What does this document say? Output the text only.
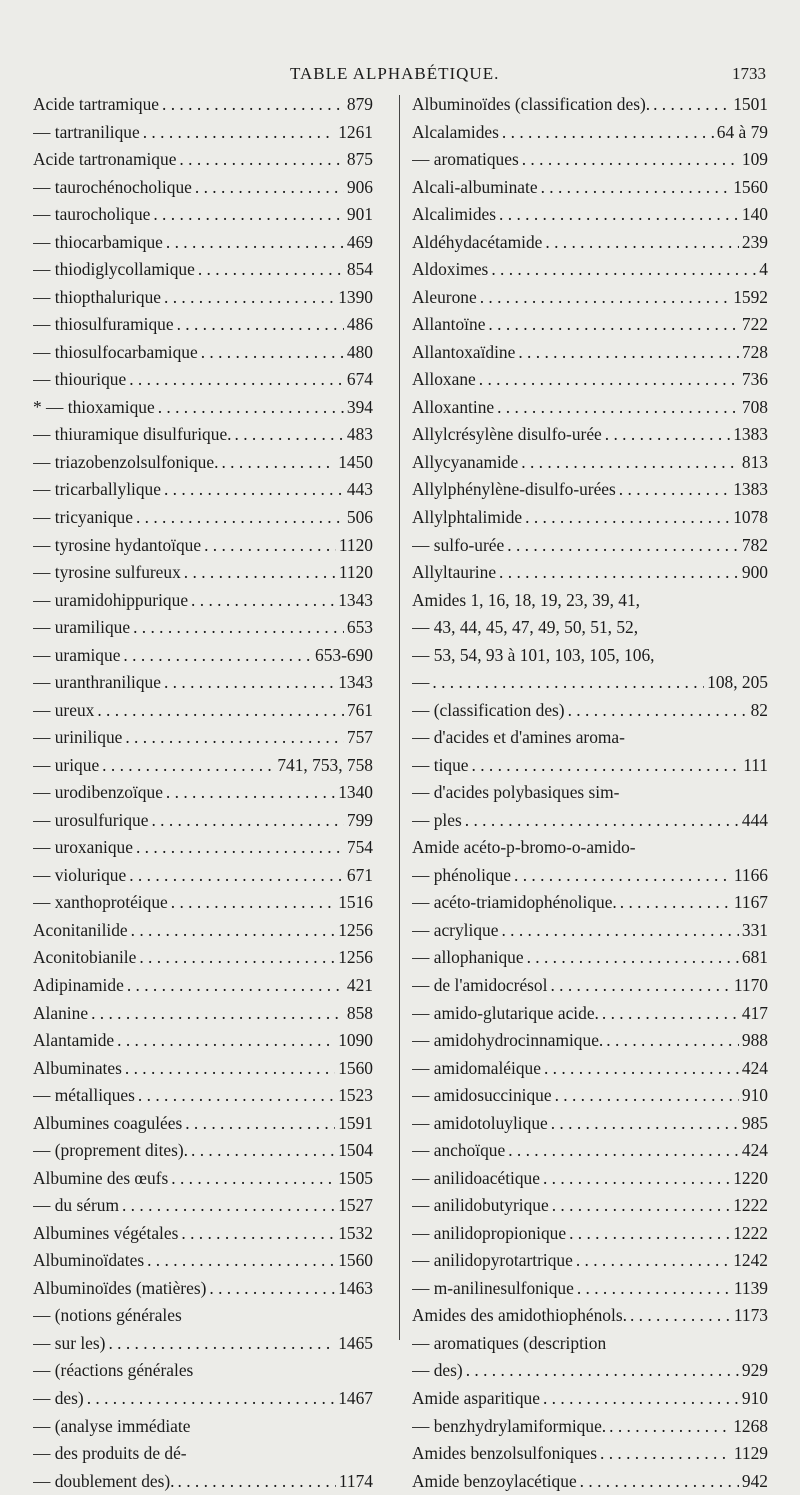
TABLE ALPHABÉTIQUE.	1733
Acide tartramique . . .	879
— tartranilique . . .	1261
Acide tartronamique . . .	875
— taurochénocholique . . .	906
— taurocholique . . .	901
— thiocarbamique . . .	469
— thiodiglycollamique . . .	854
— thiopthalurique . . .	1390
— thiosulfuramique . . .	486
— thiosulfocarbamique . . .	480
— thiourique . . .	674
* — thioxamique . . .	394
— thiuramique disulfurique. . . .	483
— triazobenzolsulfonique. . . .	1450
— tricarballylique . . .	443
— tricyanique . . .	506
— tyrosine hydantoïque . . .	1120
— tyrosine sulfureux . . .	1120
— uramidohippurique . . .	1343
— uramilique . . .	653
— uramique . . .	653-690
— uranthranilique . . .	1343
— ureux . . .	761
— urinilique . . .	757
— urique . . .	741, 753, 758
— urodibenzoïque . . .	1340
— urosulfurique . . .	799
— uroxanique . . .	754
— violurique . . .	671
— xanthoprotéique . . .	1516
Aconitanilide . . .	1256
Aconitobianile . . .	1256
Adipinamide . . .	421
Alanine . . .	858
Alantamide . . .	1090
Albuminates . . .	1560
— métalliques . . .	1523
Albumines coagulées . . .	1591
— (proprement dites). . . .	1504
Albumine des œufs . . .	1505
— du sérum . . .	1527
Albumines végétales . . .	1532
Albuminoïdates . . .	1560
Albuminoïdes (matières) . . .	1463
— (notions générales
— sur les) . . .	1465
— (réactions générales
— des) . . .	1467
— (analyse immédiate
— des produits de dé-
— doublement des). . . .	1174
Albuminoïdes (classification des). . . .	1501
Alcalamides . . .	64 à 79
— aromatiques . . .	109
Alcali-albuminate . . .	1560
Alcalimides . . .	140
Aldéhydacétamide . . .	239
Aldoximes . . .	4
Aleurone . . .	1592
Allantoïne . . .	722
Allantoxaïdine . . .	728
Alloxane . . .	736
Alloxantine . . .	708
Allylcrésylène disulfo-urée . . .	1383
Allycyanamide . . .	813
Allylphénylène-disulfo-urées . . .	1383
Allylphtalimide . . .	1078
— sulfo-urée . . .	782
Allyltaurine . . .	900
Amides 1, 16, 18, 19, 23, 39, 41,
— 43, 44, 45, 47, 49, 50, 51, 52,
— 53, 54, 93 à 101, 103, 105, 106,
— . . .	108, 205
— (classification des) . . .	82
— d'acides et d'amines aroma-
— tique . . .	111
— d'acides polybasiques sim-
— ples . . .	444
Amide acéto-p-bromo-o-amido-
— phénolique . . .	1166
— acéto-triamidophénolique. . . .	1167
— acrylique . . .	331
— allophanique . . .	681
— de l'amidocrésol . . .	1170
— amido-glutarique acide. . . .	417
— amidohydrocinnamique. . . .	988
— amidomaléique . . .	424
— amidosuccinique . . .	910
— amidotoluylique . . .	985
— anchoïque . . .	424
— anilidoacétique . . .	1220
— anilidobutyrique . . .	1222
— anilidopropionique . . .	1222
— anilidopyrotartrique . . .	1242
— m-anilinesulfonique . . .	1139
Amides des amidothiophénols. . . .	1173
— aromatiques (description
— des) . . .	929
Amide asparitique . . .	910
— benzhydrylamiformique. . . .	1268
Amides benzolsulfoniques . . .	1129
Amide benzoylacétique . . .	942
